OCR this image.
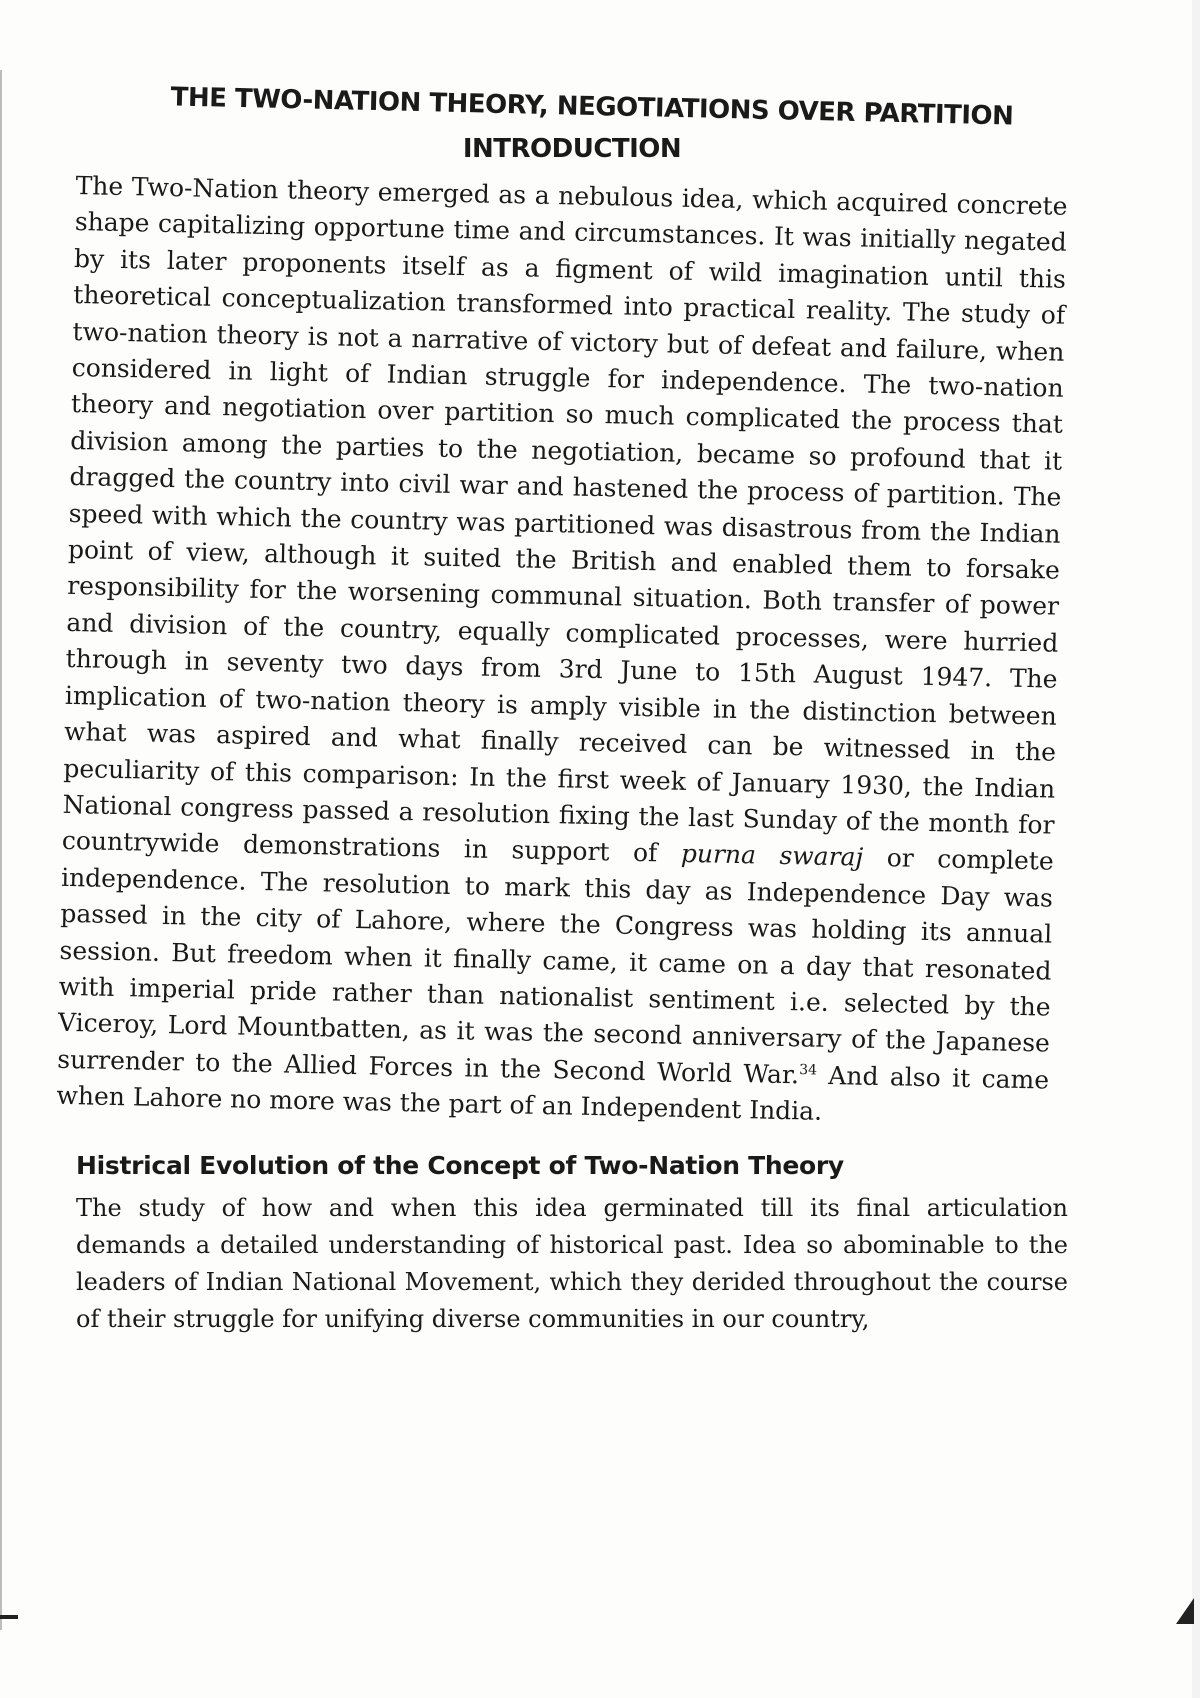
THE TWO-NATION THEORY, NEGOTIATIONS OVER PARTITION
INTRODUCTION

The Two-Nation theory emerged as a nebulous idea, which acquired concrete shape capitalizing opportune time and circumstances. It was initially negated by its later proponents itself as a figment of wild imagination until this theoretical conceptualization transformed into practical reality. The study of two-nation theory is not a narrative of victory but of defeat and failure, when considered in light of Indian struggle for independence. The two-nation theory and negotiation over partition so much complicated the process that division among the parties to the negotiation, became so profound that it dragged the country into civil war and hastened the process of partition. The speed with which the country was partitioned was disastrous from the Indian point of view, although it suited the British and enabled them to forsake responsibility for the worsening communal situation. Both transfer of power and division of the country, equally complicated processes, were hurried through in seventy two days from 3rd June to 15th August 1947. The implication of two-nation theory is amply visible in the distinction between what was aspired and what finally received can be witnessed in the peculiarity of this comparison: In the first week of January 1930, the Indian National congress passed a resolution fixing the last Sunday of the month for countrywide demonstrations in support of purna swaraj or complete independence. The resolution to mark this day as Independence Day was passed in the city of Lahore, where the Congress was holding its annual session. But freedom when it finally came, it came on a day that resonated with imperial pride rather than nationalist sentiment i.e. selected by the Viceroy, Lord Mountbatten, as it was the second anniversary of the Japanese surrender to the Allied Forces in the Second World War.$^{34}$ And also it came when Lahore no more was the part of an Independent India.

Histrical Evolution of the Concept of Two-Nation Theory

The study of how and when this idea germinated till its final articulation demands a detailed understanding of historical past. Idea so abominable to the leaders of Indian National Movement, which they derided throughout the course of their struggle for unifying diverse communities in our country,
